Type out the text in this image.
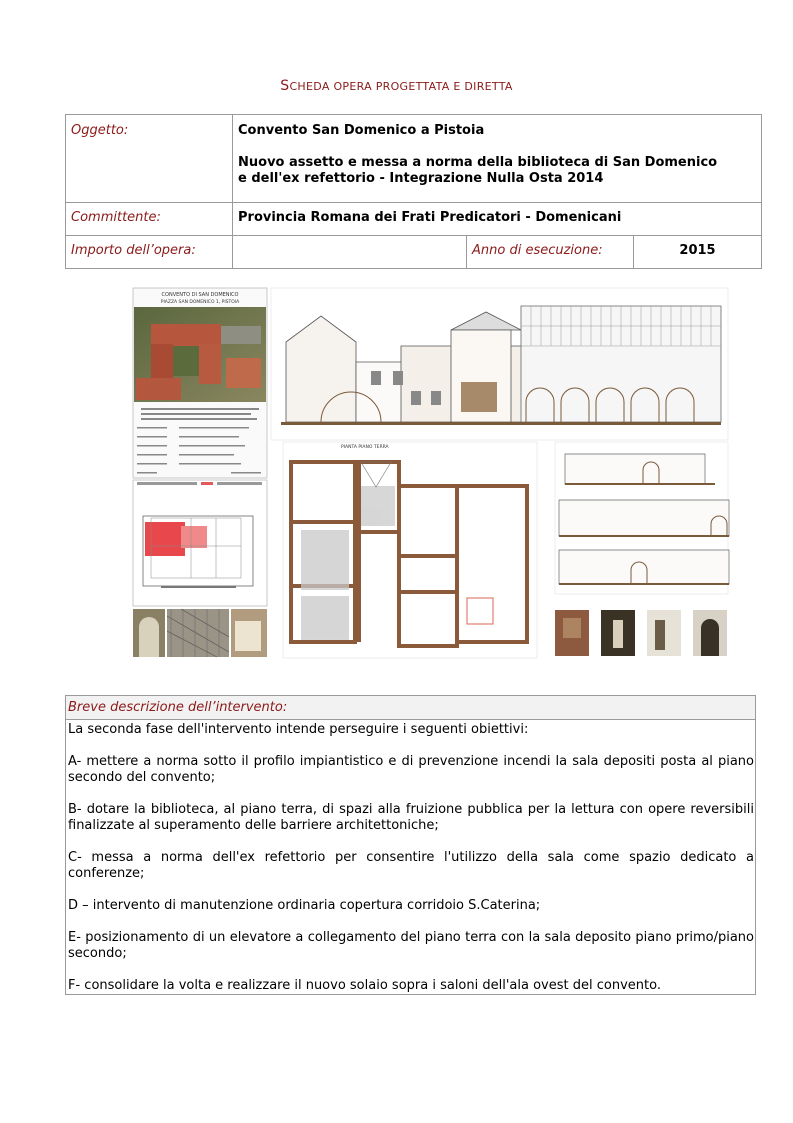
SCHEDA OPERA PROGETTATA E DIRETTA
Oggetto:	Convento San Domenico a Pistoia
Nuovo assetto e messa a norma della biblioteca di San Domenico
e dell'ex refettorio - Integrazione Nulla Osta 2014		

Committente:	Provincia Romana dei Frati Predicatori - Domenicani		
Importo dell’opera:		Anno di esecuzione:	2015
CONVENTO DI SAN DOMENICO
PIAZZA SAN DOMENICO 1, PISTOIA
PIANTA PIANO TERRA
Breve descrizione dell’intervento:

La seconda fase dell'intervento intende perseguire i seguenti obiettivi:

A- mettere a norma sotto il profilo impiantistico e di prevenzione incendi la sala depositi posta al piano secondo del convento;

B- dotare la biblioteca, al piano terra, di spazi alla fruizione pubblica per la lettura con opere reversibili finalizzate al superamento delle barriere architettoniche;

C- messa a norma dell'ex refettorio per consentire l'utilizzo della sala come spazio dedicato a conferenze;

D – intervento di manutenzione ordinaria copertura corridoio S.Caterina;

E- posizionamento di un elevatore a collegamento del piano terra con la sala deposito piano primo/piano secondo;

F- consolidare la volta e realizzare il nuovo solaio sopra i saloni dell'ala ovest del convento.
